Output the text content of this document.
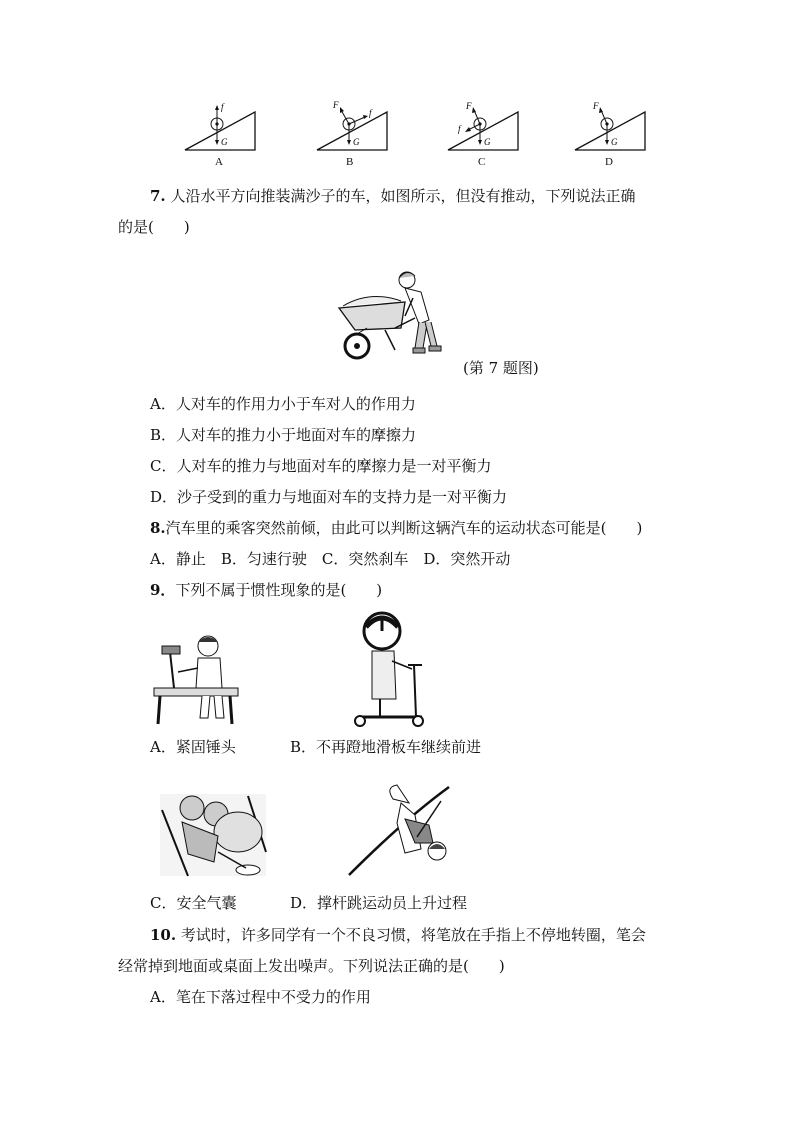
f
G
F
f
G
F
f
G
F
G
A	B	C	D
7. 人沿水平方向推装满沙子的车，如图所示，但没有推动，下列说法正确
的是(　　)
(第 7 题图)
A．人对车的作用力小于车对人的作用力
B．人对车的推力小于地面对车的摩擦力
C．人对车的推力与地面对车的摩擦力是一对平衡力
D．沙子受到的重力与地面对车的支持力是一对平衡力
8.汽车里的乘客突然前倾，由此可以判断这辆汽车的运动状态可能是(　　)
A．静止　B．匀速行驶　C．突然刹车　D．突然开动
9．下列不属于惯性现象的是(　　)
A．紧固锤头	B．不再蹬地滑板车继续前进
C．安全气囊	D．撑杆跳运动员上升过程
10. 考试时，许多同学有一个不良习惯，将笔放在手指上不停地转圈，笔会
经常掉到地面或桌面上发出噪声。下列说法正确的是(　　)
A．笔在下落过程中不受力的作用
